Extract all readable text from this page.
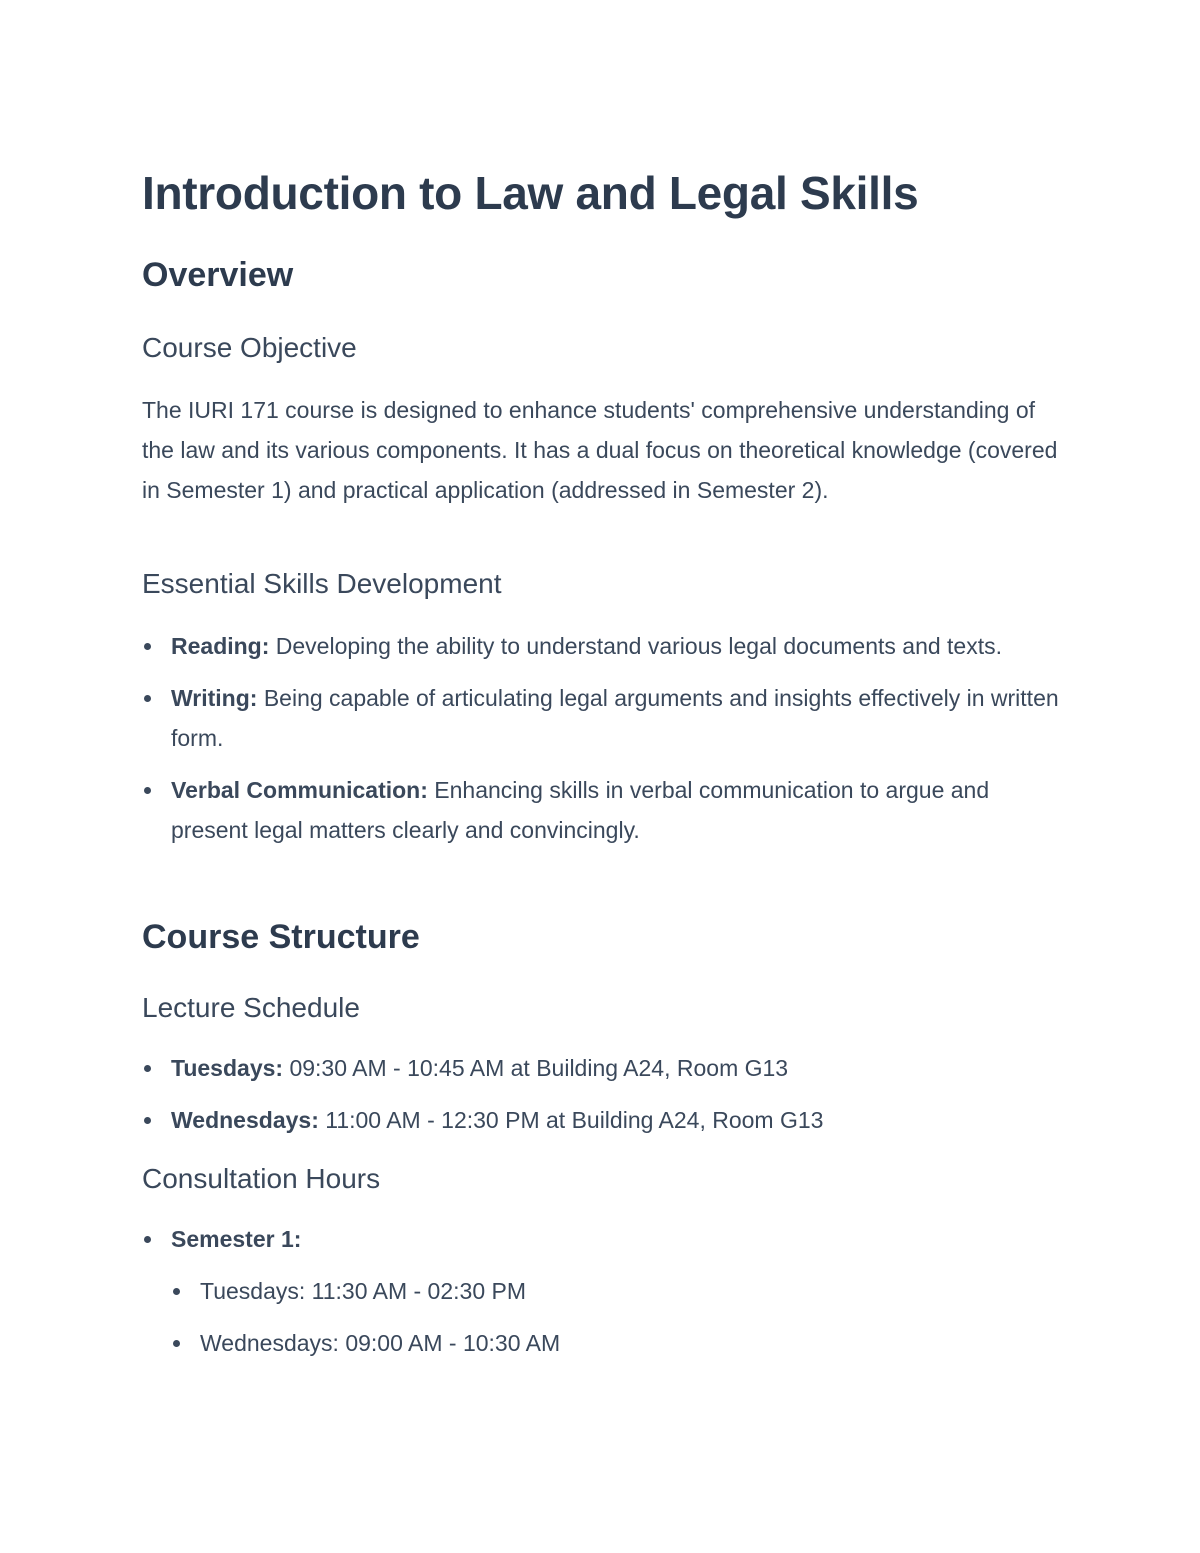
Introduction to Law and Legal Skills
Overview
Course Objective

The IURI 171 course is designed to enhance students' comprehensive understanding of the law and its various components. It has a dual focus on theoretical knowledge (covered in Semester 1) and practical application (addressed in Semester 2).

Essential Skills Development
Reading: Developing the ability to understand various legal documents and texts.
Writing: Being capable of articulating legal arguments and insights effectively in written form.
Verbal Communication: Enhancing skills in verbal communication to argue and present legal matters clearly and convincingly.
Course Structure
Lecture Schedule
Tuesdays: 09:30 AM - 10:45 AM at Building A24, Room G13
Wednesdays: 11:00 AM - 12:30 PM at Building A24, Room G13
Consultation Hours
Semester 1:
Tuesdays: 11:30 AM - 02:30 PM
Wednesdays: 09:00 AM - 10:30 AM
